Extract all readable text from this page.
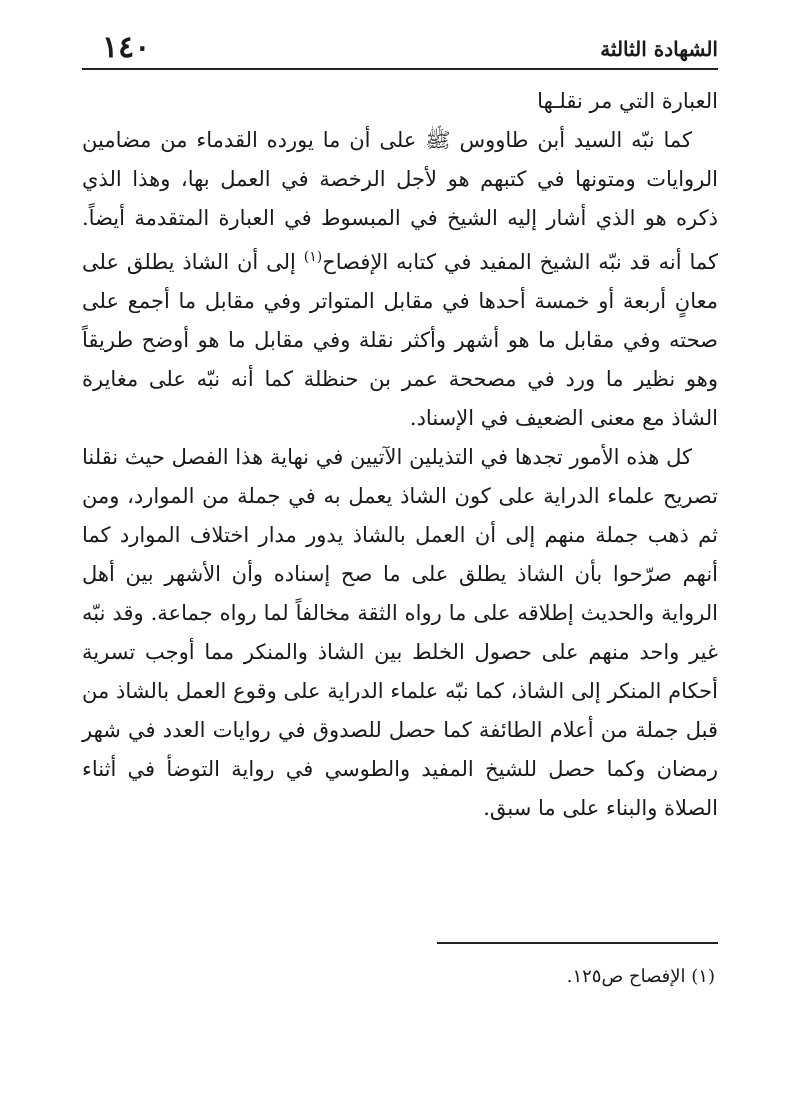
١٤٠	الشهادة الثالثة
العبارة التي مر نقلـها

كما نبّه السيد أبن طاووس ﷺ على أن ما يورده القدماء من مضامين الروايات ومتونها في كتبهم هو لأجل الرخصة في العمل بها، وهذا الذي ذكره هو الذي أشار إليه الشيخ في المبسوط في العبارة المتقدمة أيضاً. كما أنه قد نبّه الشيخ المفيد في كتابه الإفصاح$^{(١)}$ إلى أن الشاذ يطلق على معانٍ أربعة أو خمسة أحدها في مقابل المتواتر وفي مقابل ما أجمع على صحته وفي مقابل ما هو أشهر وأكثر نقلة وفي مقابل ما هو أوضح طريقاً وهو نظير ما ورد في مصححة عمر بن حنظلة كما أنه نبّه على مغايرة الشاذ مع معنى الضعيف في الإسناد.

كل هذه الأمور تجدها في التذيلين الآتيين في نهاية هذا الفصل حيث نقلنا تصريح علماء الدراية على كون الشاذ يعمل به في جملة من الموارد، ومن ثم ذهب جملة منهم إلى أن العمل بالشاذ يدور مدار اختلاف الموارد كما أنهم صرّحوا بأن الشاذ يطلق على ما صح إسناده وأن الأشهر بين أهل الرواية والحديث إطلاقه على ما رواه الثقة مخالفاً لما رواه جماعة. وقد نبّه غير واحد منهم على حصول الخلط بين الشاذ والمنكر مما أوجب تسرية أحكام المنكر إلى الشاذ، كما نبّه علماء الدراية على وقوع العمل بالشاذ من قبل جملة من أعلام الطائفة كما حصل للصدوق في روايات العدد في شهر رمضان وكما حصل للشيخ المفيد والطوسي في رواية التوضأ في أثناء الصلاة والبناء على ما سبق.

(١) الإفصاح ص١٢٥.
